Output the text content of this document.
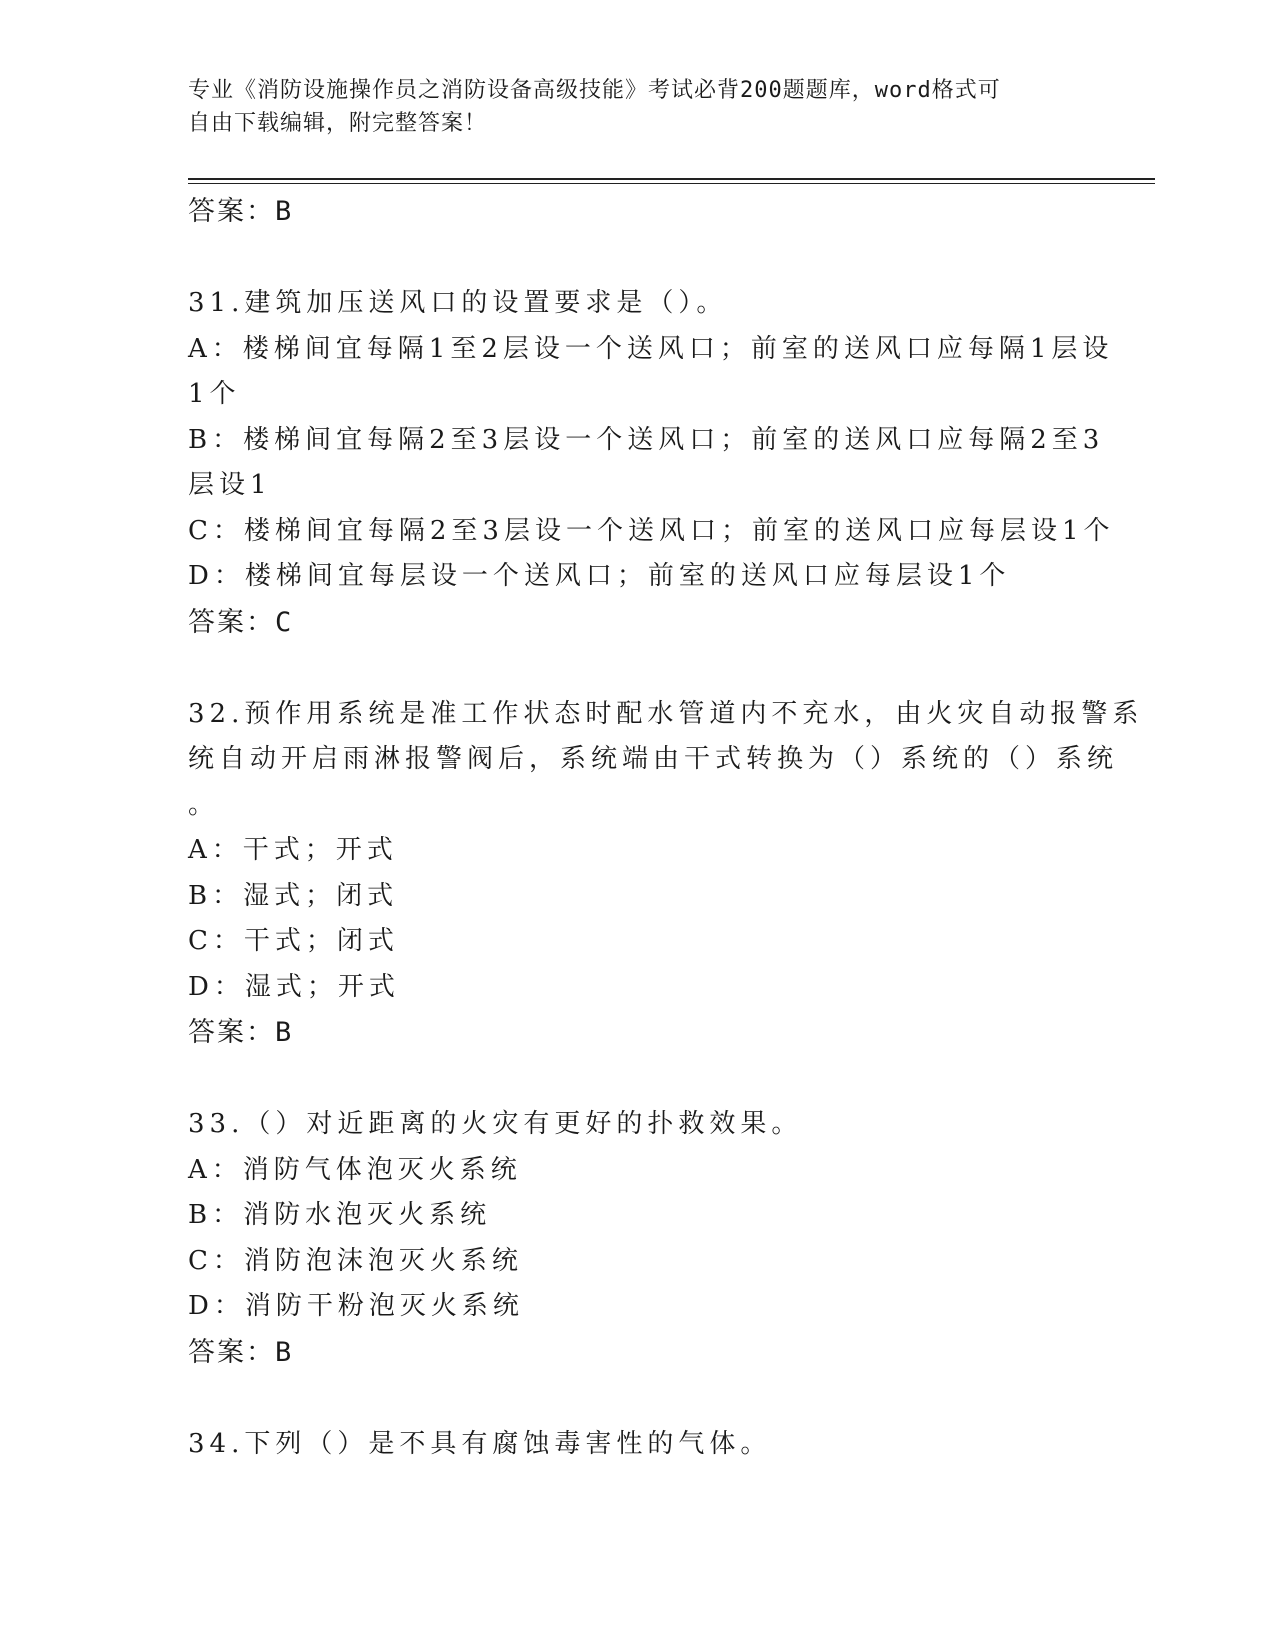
专业《消防设施操作员之消防设备高级技能》考试必背200题题库，word格式可
自由下载编辑，附完整答案！
答案：B
31.建筑加压送风口的设置要求是（）。
A：楼梯间宜每隔1至2层设一个送风口；前室的送风口应每隔1层设
1个
B：楼梯间宜每隔2至3层设一个送风口；前室的送风口应每隔2至3
层设1
C：楼梯间宜每隔2至3层设一个送风口；前室的送风口应每层设1个
D：楼梯间宜每层设一个送风口；前室的送风口应每层设1个
答案：C
32.预作用系统是准工作状态时配水管道内不充水，由火灾自动报警系
统自动开启雨淋报警阀后，系统端由干式转换为（）系统的（）系统
。
A：干式；开式
B：湿式；闭式
C：干式；闭式
D：湿式；开式
答案：B
33.（）对近距离的火灾有更好的扑救效果。
A：消防气体泡灭火系统
B：消防水泡灭火系统
C：消防泡沫泡灭火系统
D：消防干粉泡灭火系统
答案：B
34.下列（）是不具有腐蚀毒害性的气体。
